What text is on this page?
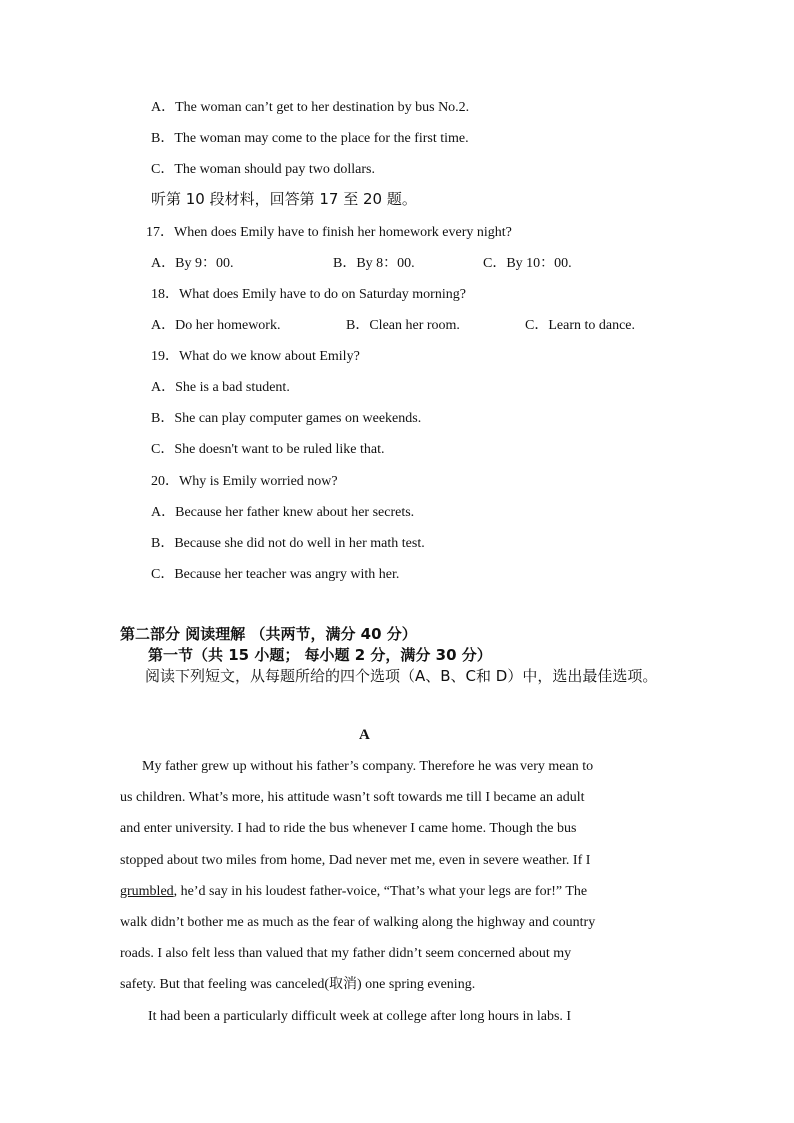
A．The woman can’t get to her destination by bus No.2.
B．The woman may come to the place for the first time.
C．The woman should pay two dollars.
听第 10 段材料，回答第 17 至 20 题。
17．When does Emily have to finish her homework every night?
A．By 9：00.	B．By 8：00.	C．By 10：00.
18．What does Emily have to do on Saturday morning?
A．Do her homework.	B．Clean her room.	C．Learn to dance.
19．What do we know about Emily?
A．She is a bad student.
B．She can play computer games on weekends.
C．She doesn't want to be ruled like that.
20．Why is Emily worried now?
A．Because her father knew about her secrets.
B．Because she did not do well in her math test.
C．Because her teacher was angry with her.
第二部分 阅读理解 （共两节，满分 40 分）
第一节（共 15 小题； 每小题 2 分，满分 30 分）
阅读下列短文，从每题所给的四个选项（A、B、C和 D）中，选出最佳选项。
A
My father grew up without his father’s company. Therefore he was very mean to
us children. What’s more, his attitude wasn’t soft towards me till I became an adult
and enter university. I had to ride the bus whenever I came home. Though the bus
stopped about two miles from home, Dad never met me, even in severe weather. If I
grumbled, he’d say in his loudest father-voice, “That’s what your legs are for!” The
walk didn’t bother me as much as the fear of walking along the highway and country
roads. I also felt less than valued that my father didn’t seem concerned about my
safety. But that feeling was canceled(取消) one spring evening.
It had been a particularly difficult week at college after long hours in labs. I
